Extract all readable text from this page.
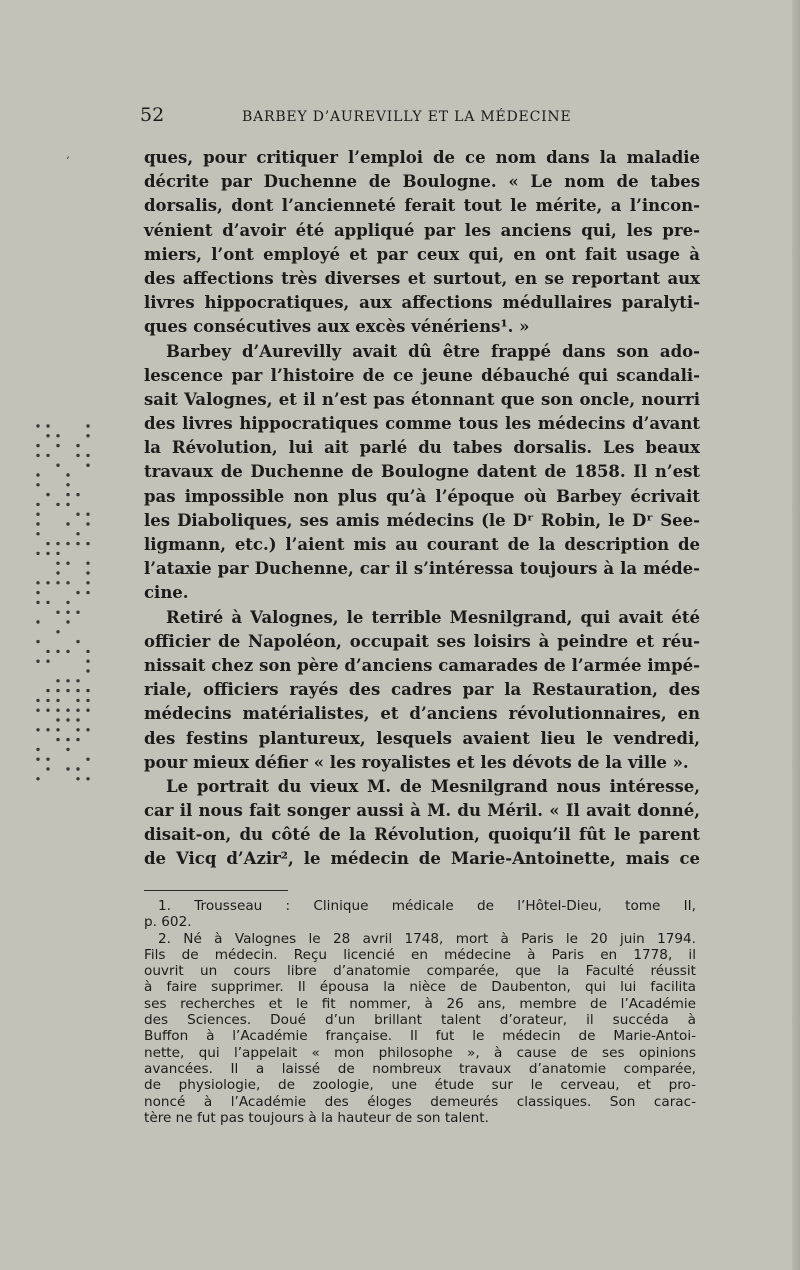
52	BARBEY D’AUREVILLY ET LA MÉDECINE
ʼ	ques, pour critiquer l’emploi de ce nom dans la maladie
décrite par Duchenne de Boulogne. « Le nom de tabes
dorsalis, dont l’ancienneté ferait tout le mérite, a l’incon-
vénient d’avoir été appliqué par les anciens qui, les pre-
miers, l’ont employé et par ceux qui, en ont fait usage à
des affections très diverses et surtout, en se reportant aux
livres hippocratiques, aux affections médullaires paralyti-
ques consécutives aux excès vénériens¹. »
Barbey d’Aurevilly avait dû être frappé dans son ado-
lescence par l’histoire de ce jeune débauché qui scandali-
sait Valognes, et il n’est pas étonnant que son oncle, nourri
des livres hippocratiques comme tous les médecins d’avant
la Révolution, lui ait parlé du tabes dorsalis. Les beaux
travaux de Duchenne de Boulogne datent de 1858. Il n’est
pas impossible non plus qu’à l’époque où Barbey écrivait
les Diaboliques, ses amis médecins (le Dʳ Robin, le Dʳ See-
ligmann, etc.) l’aient mis au courant de la description de
l’ataxie par Duchenne, car il s’intéressa toujours à la méde-
cine.
Retiré à Valognes, le terrible Mesnilgrand, qui avait été
officier de Napoléon, occupait ses loisirs à peindre et réu-
nissait chez son père d’anciens camarades de l’armée impé-
riale, officiers rayés des cadres par la Restauration, des
médecins matérialistes, et d’anciens révolutionnaires, en
des festins plantureux, lesquels avaient lieu le vendredi,
pour mieux défier « les royalistes et les dévots de la ville ».
Le portrait du vieux M. de Mesnilgrand nous intéresse,
car il nous fait songer aussi à M. du Méril. « Il avait donné,
disait-on, du côté de la Révolution, quoiqu’il fût le parent
de Vicq d’Azir², le médecin de Marie-Antoinette, mais ce
1. Trousseau : Clinique médicale de l’Hôtel-Dieu, tome II,
p. 602.
2. Né à Valognes le 28 avril 1748, mort à Paris le 20 juin 1794.
Fils de médecin. Reçu licencié en médecine à Paris en 1778, il
ouvrit un cours libre d’anatomie comparée, que la Faculté réussit
à faire supprimer. Il épousa la nièce de Daubenton, qui lui facilita
ses recherches et le fit nommer, à 26 ans, membre de l’Académie
des Sciences. Doué d’un brillant talent d’orateur, il succéda à
Buffon à l’Académie française. Il fut le médecin de Marie-Antoi-
nette, qui l’appelait « mon philosophe », à cause de ses opinions
avancées. Il a laissé de nombreux travaux d’anatomie comparée,
de physiologie, de zoologie, une étude sur le cerveau, et pro-
noncé à l’Académie des éloges demeurés classiques. Son carac-
tère ne fut pas toujours à la hauteur de son talent.
